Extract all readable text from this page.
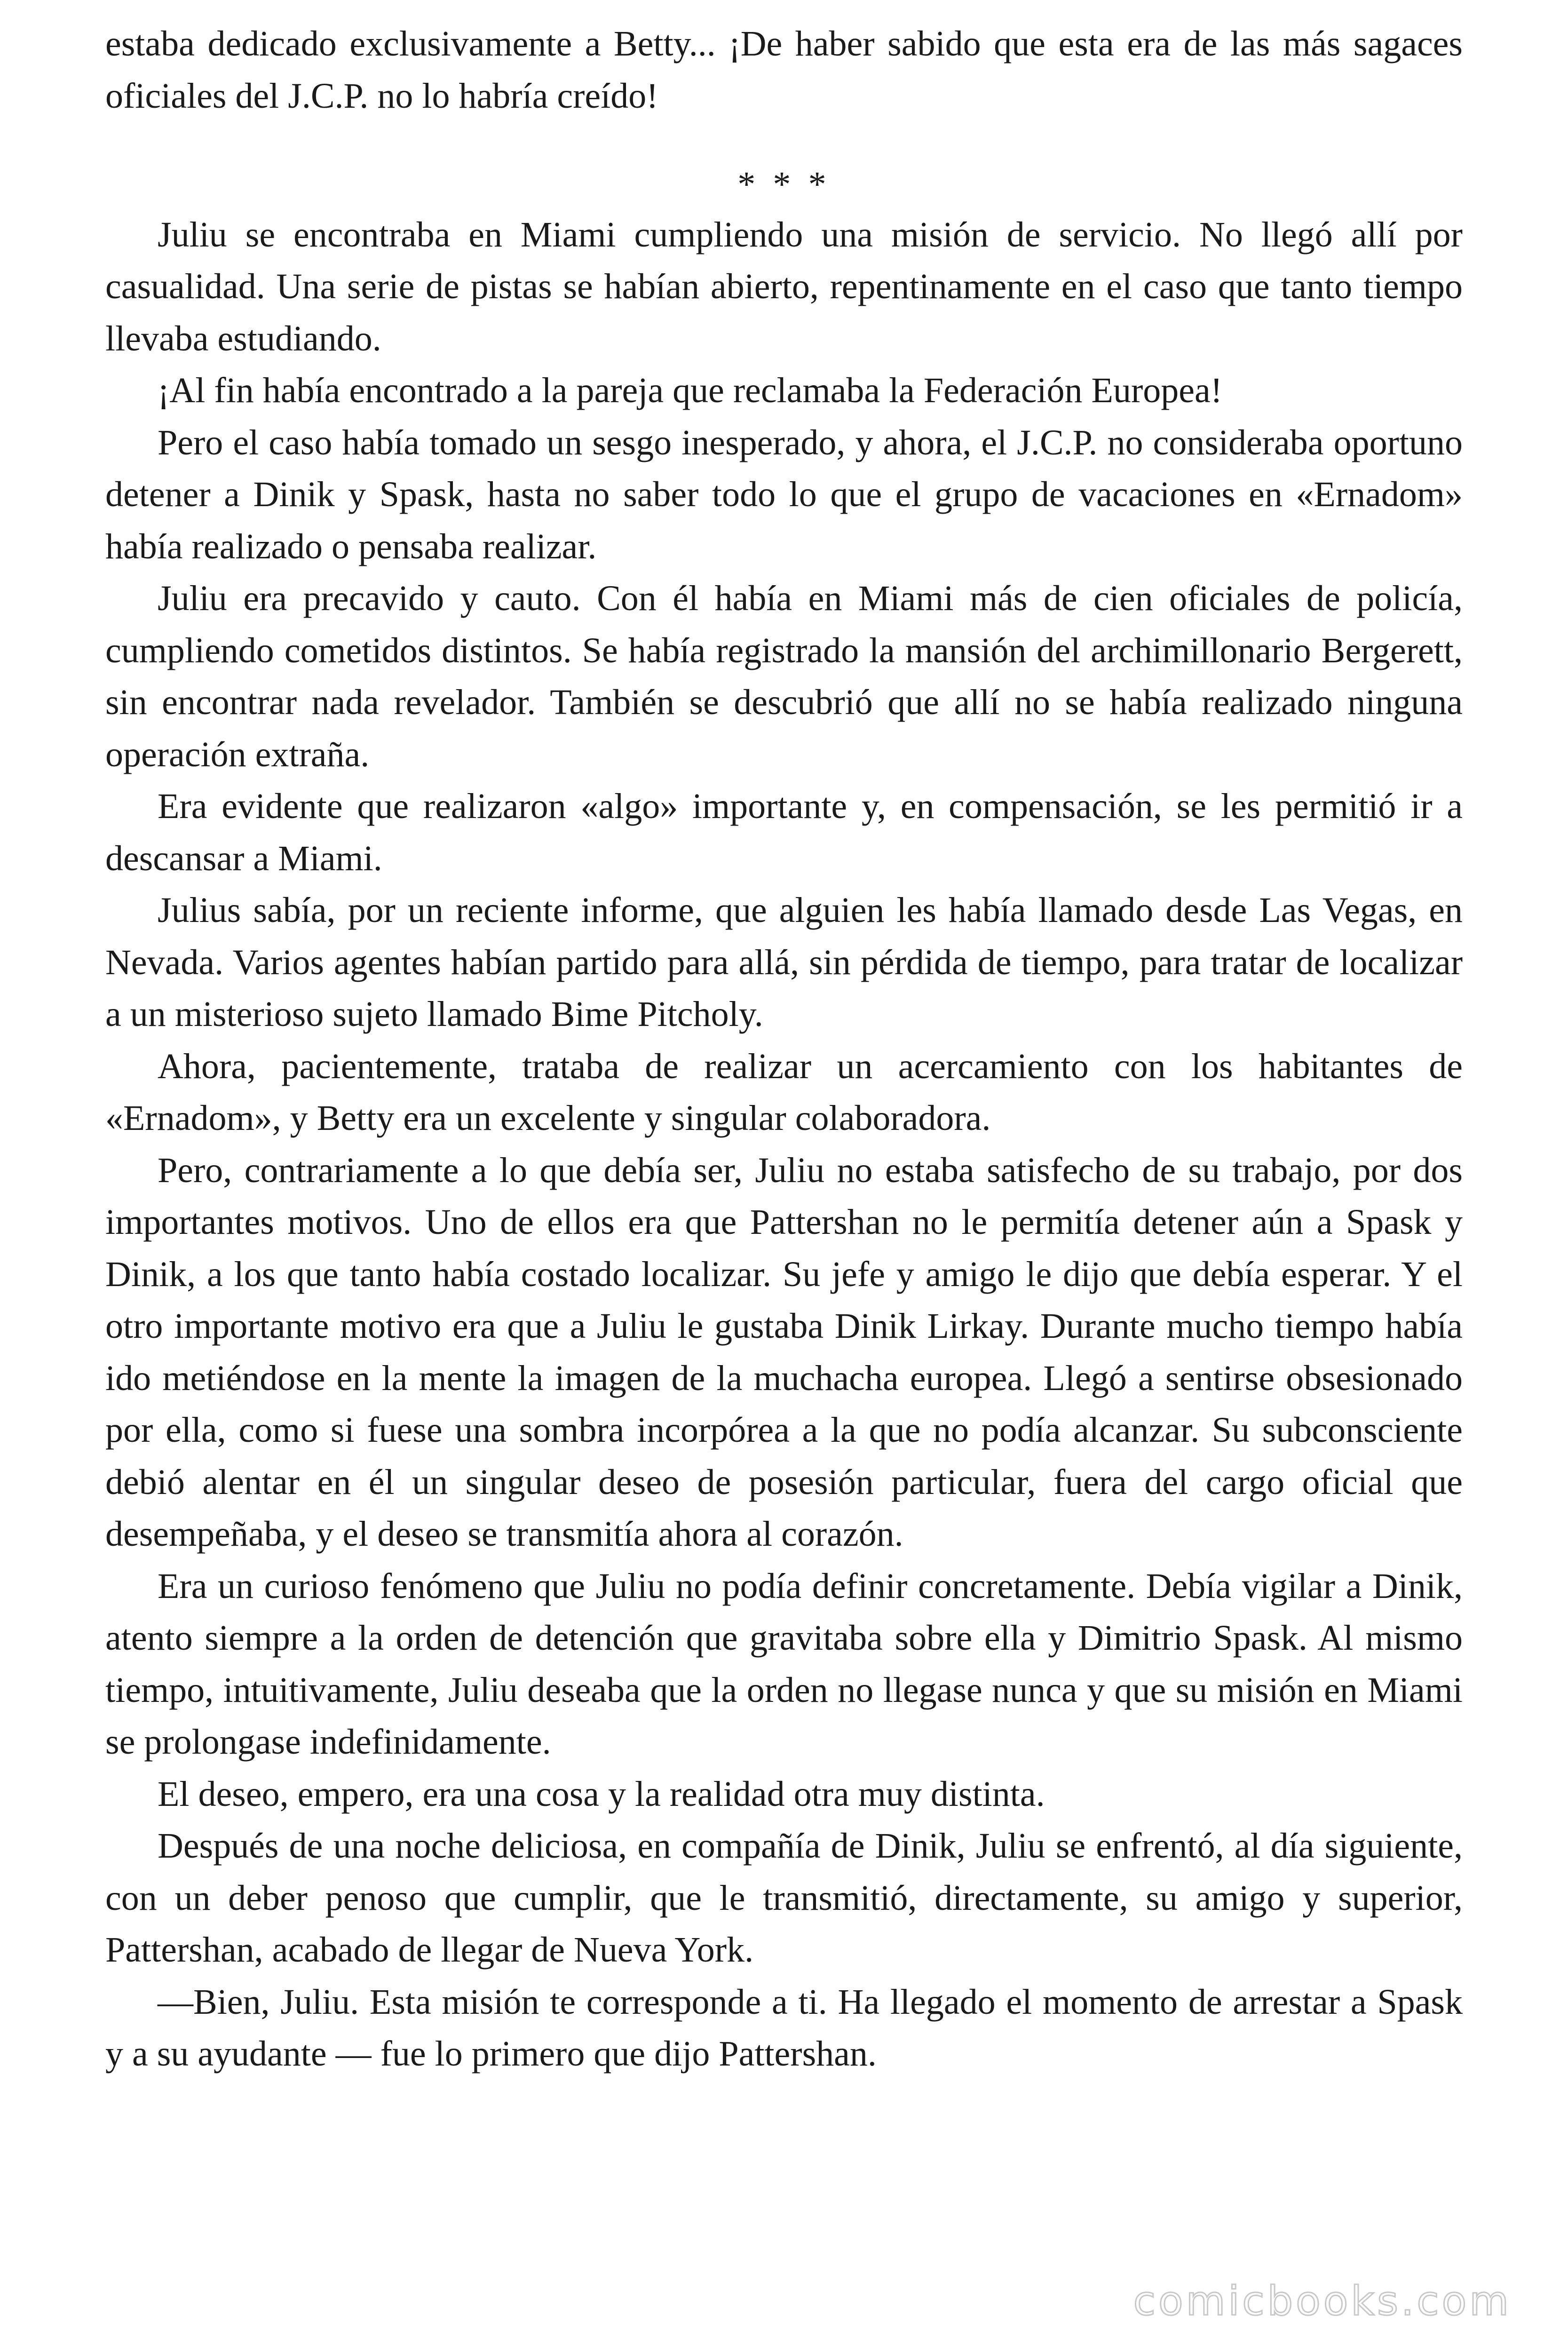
estaba dedicado exclusivamente a Betty... ¡De haber sabido que esta era de las más sagaces oficiales del J.C.P. no lo habría creído!

* * *

Juliu se encontraba en Miami cumpliendo una misión de servicio. No llegó allí por casualidad. Una serie de pistas se habían abierto, repentinamente en el caso que tanto tiempo llevaba estudiando.

¡Al fin había encontrado a la pareja que reclamaba la Federación Europea!

Pero el caso había tomado un sesgo inesperado, y ahora, el J.C.P. no consideraba oportuno detener a Dinik y Spask, hasta no saber todo lo que el grupo de vacaciones en «Ernadom» había realizado o pensaba realizar.

Juliu era precavido y cauto. Con él había en Miami más de cien oficiales de policía, cumpliendo cometidos distintos. Se había registrado la mansión del archimillonario Bergerett, sin encontrar nada revelador. También se descubrió que allí no se había realizado ninguna operación extraña.

Era evidente que realizaron «algo» importante y, en compensación, se les permitió ir a descansar a Miami.

Julius sabía, por un reciente informe, que alguien les había llamado desde Las Vegas, en Nevada. Varios agentes habían partido para allá, sin pérdida de tiempo, para tratar de localizar a un misterioso sujeto llamado Bime Pitcholy.

Ahora, pacientemente, trataba de realizar un acercamiento con los habitantes de «Ernadom», y Betty era un excelente y singular colaboradora.

Pero, contrariamente a lo que debía ser, Juliu no estaba satisfecho de su trabajo, por dos importantes motivos. Uno de ellos era que Pattershan no le permitía detener aún a Spask y Dinik, a los que tanto había costado localizar. Su jefe y amigo le dijo que debía esperar. Y el otro importante motivo era que a Juliu le gustaba Dinik Lirkay. Durante mucho tiempo había ido metiéndose en la mente la imagen de la muchacha europea. Llegó a sentirse obsesionado por ella, como si fuese una sombra incorpórea a la que no podía alcanzar. Su subconsciente debió alentar en él un singular deseo de posesión particular, fuera del cargo oficial que desempeñaba, y el deseo se transmitía ahora al corazón.

Era un curioso fenómeno que Juliu no podía definir concretamente. Debía vigilar a Dinik, atento siempre a la orden de detención que gravitaba sobre ella y Dimitrio Spask. Al mismo tiempo, intuitivamente, Juliu deseaba que la orden no llegase nunca y que su misión en Miami se prolongase indefinidamente.

El deseo, empero, era una cosa y la realidad otra muy distinta.

Después de una noche deliciosa, en compañía de Dinik, Juliu se enfrentó, al día siguiente, con un deber penoso que cumplir, que le transmitió, directamente, su amigo y superior, Pattershan, acabado de llegar de Nueva York.

—Bien, Juliu. Esta misión te corresponde a ti. Ha llegado el momento de arrestar a Spask y a su ayudante — fue lo primero que dijo Pattershan.

comicbooks.com
